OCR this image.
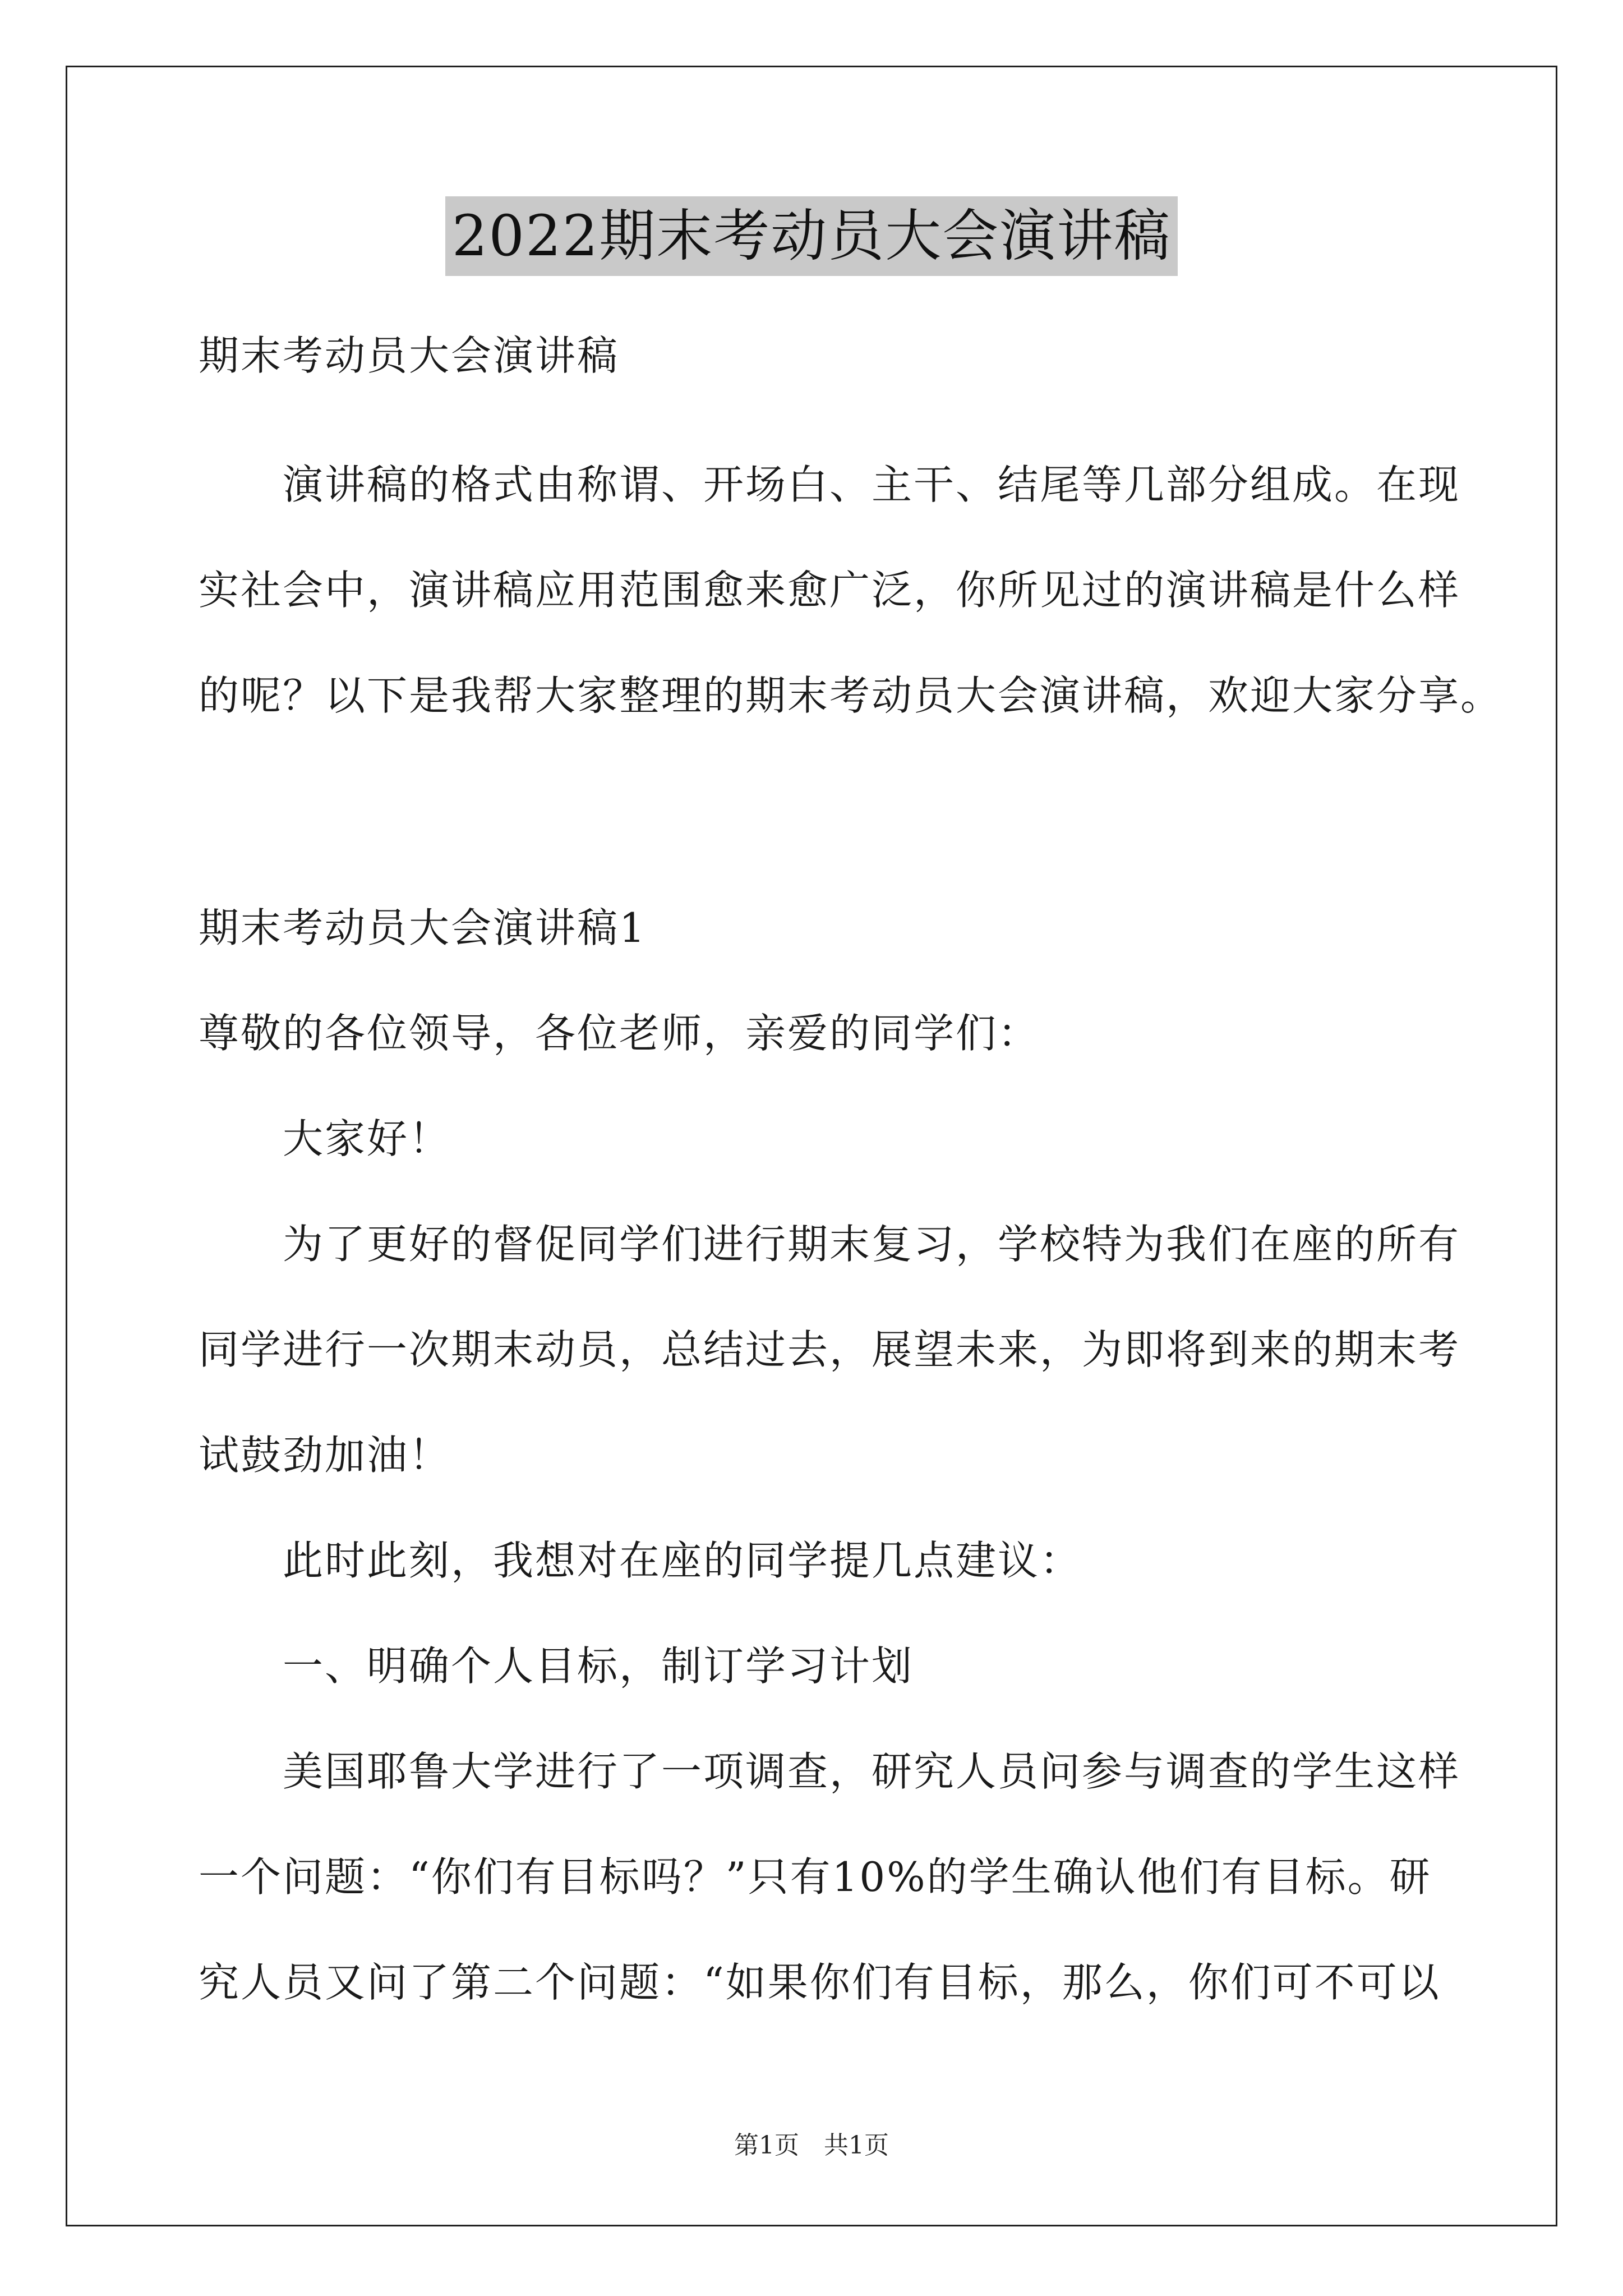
2022期末考动员大会演讲稿

期末考动员大会演讲稿

演讲稿的格式由称谓、开场白、主干、结尾等几部分组成。在现
实社会中，演讲稿应用范围愈来愈广泛，你所见过的演讲稿是什么样
的呢？以下是我帮大家整理的期末考动员大会演讲稿，欢迎大家分享。

期末考动员大会演讲稿1

尊敬的各位领导，各位老师，亲爱的同学们：

大家好！

为了更好的督促同学们进行期末复习，学校特为我们在座的所有
同学进行一次期末动员，总结过去，展望未来，为即将到来的期末考
试鼓劲加油！

此时此刻，我想对在座的同学提几点建议：

一、明确个人目标，制订学习计划

美国耶鲁大学进行了一项调查，研究人员问参与调查的学生这样
一个问题：“你们有目标吗？”只有10%的学生确认他们有目标。研
究人员又问了第二个问题：“如果你们有目标，那么，你们可不可以

第1页 共1页
